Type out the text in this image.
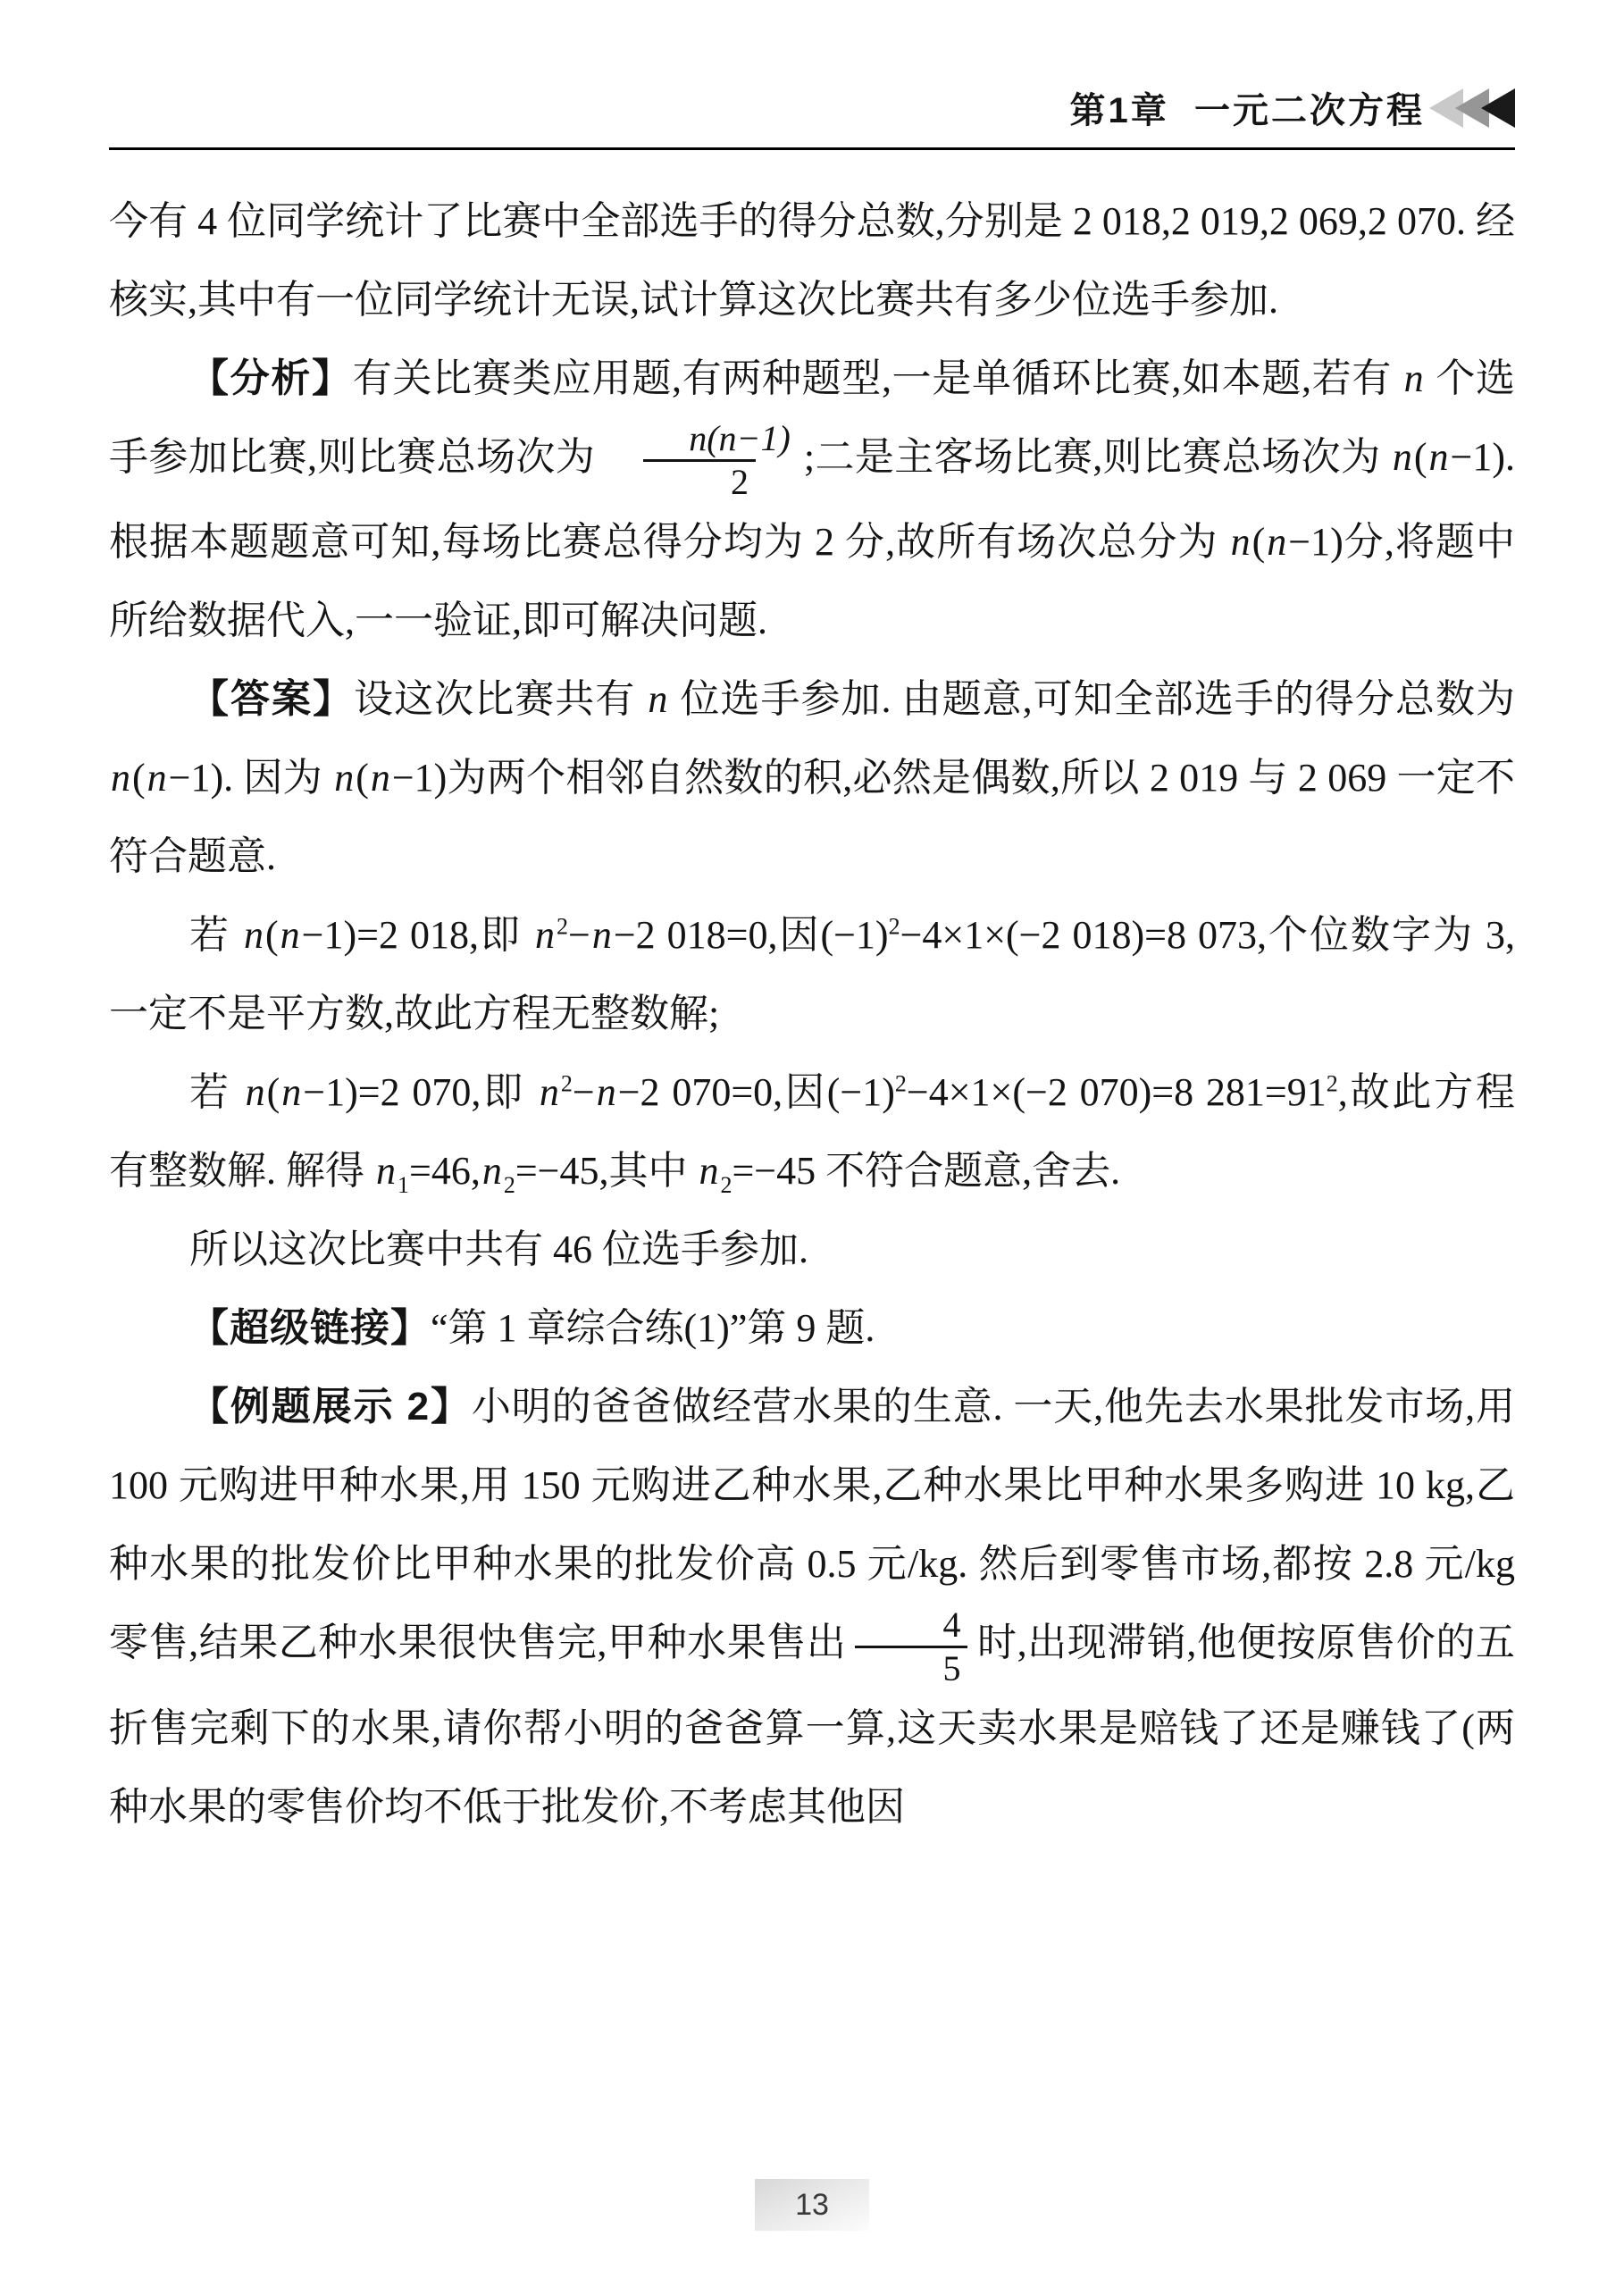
第1章  一元二次方程

今有 4 位同学统计了比赛中全部选手的得分总数,分别是 2 018,2 019,2 069,2 070. 经核实,其中有一位同学统计无误,试计算这次比赛共有多少位选手参加.

【分析】有关比赛类应用题,有两种题型,一是单循环比赛,如本题,若有 n 个选手参加比赛,则比赛总场次为 $\frac{n(n-1)}{2}$ ;二是主客场比赛,则比赛总场次为 n(n−1). 根据本题题意可知,每场比赛总得分均为 2 分,故所有场次总分为 n(n−1)分,将题中所给数据代入,一一验证,即可解决问题.

【答案】设这次比赛共有 n 位选手参加. 由题意,可知全部选手的得分总数为 n(n−1). 因为 n(n−1)为两个相邻自然数的积,必然是偶数,所以 2 019 与 2 069 一定不符合题意.

若 n(n−1)=2 018,即 $n^2-n-2$ 018=0,因$(-1)^2-4\times 1\times(-2$ 018)=8 073,个位数字为 3,一定不是平方数,故此方程无整数解;

若 n(n−1)=2 070,即 $n^2-n-2$ 070=0,因$(-1)^2-4\times 1\times(-2$ 070)=8 $281=91^2$,故此方程有整数解. 解得 $n_1=46,n_2=-45$,其中 $n_2=-45$ 不符合题意,舍去.

所以这次比赛中共有 46 位选手参加.

【超级链接】“第 1 章综合练(1)”第 9 题.

【例题展示 2】小明的爸爸做经营水果的生意. 一天,他先去水果批发市场,用 100 元购进甲种水果,用 150 元购进乙种水果,乙种水果比甲种水果多购进 10 kg,乙种水果的批发价比甲种水果的批发价高 0.5 元/kg. 然后到零售市场,都按 2.8 元/kg 零售,结果乙种水果很快售完,甲种水果售出 $\frac{4}{5}$ 时,出现滞销,他便按原售价的五折售完剩下的水果,请你帮小明的爸爸算一算,这天卖水果是赔钱了还是赚钱了(两种水果的零售价均不低于批发价,不考虑其他因

13
